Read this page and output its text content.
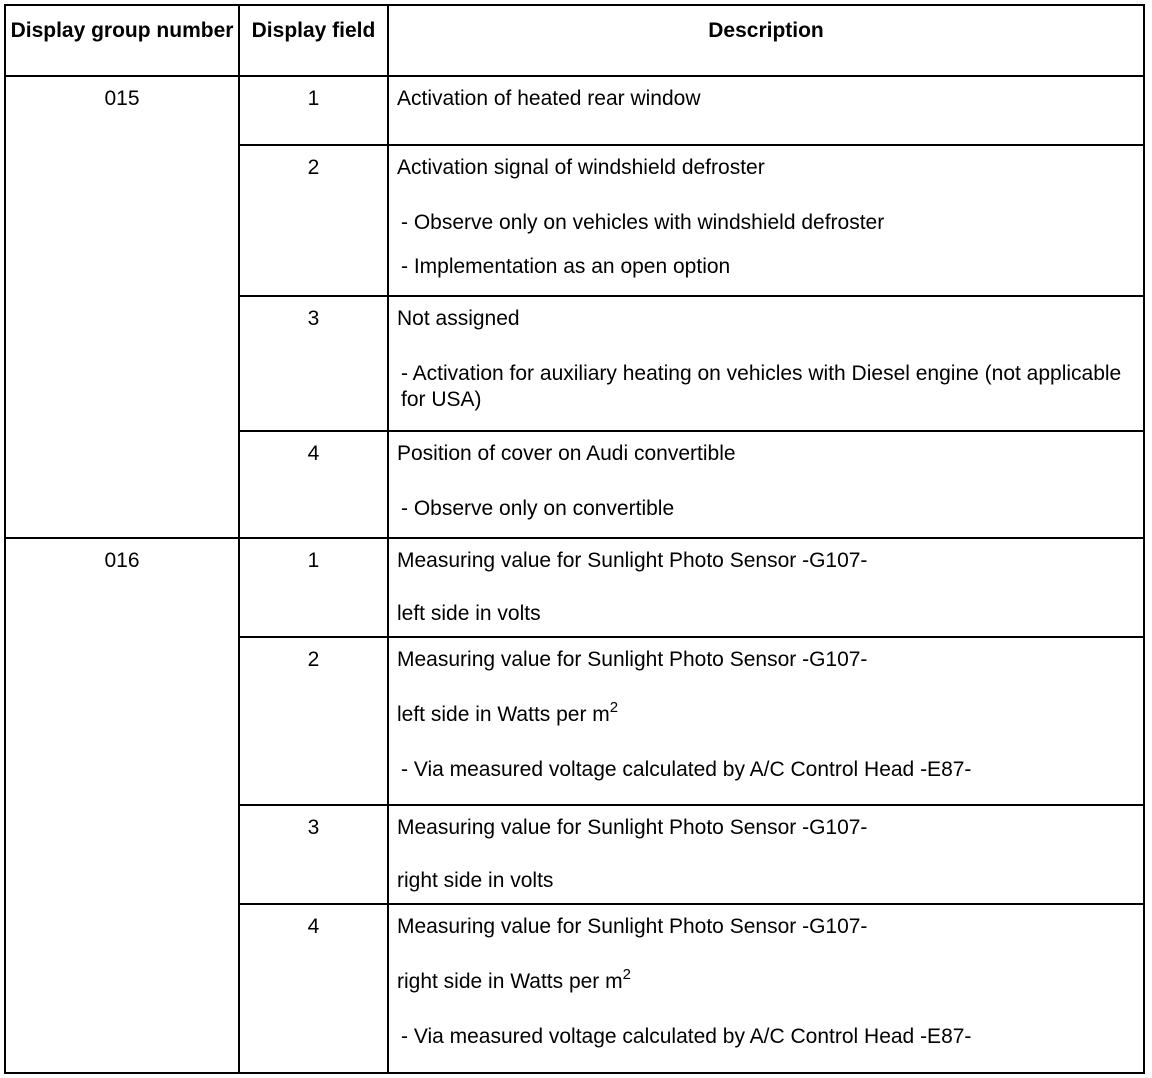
Display group number	Display field	Description

015	1	Activation of heated rear window

	2	Activation signal of windshield defroster
- Observe only on vehicles with windshield defroster
- Implementation as an open option

	3	Not assigned
- Activation for auxiliary heating on vehicles with Diesel engine (not applicable for USA)

	4	Position of cover on Audi convertible
- Observe only on convertible

016	1	Measuring value for Sunlight Photo Sensor -G107-
left side in volts

	2	Measuring value for Sunlight Photo Sensor -G107-
left side in Watts per $m^2$
- Via measured voltage calculated by A/C Control Head -E87-

	3	Measuring value for Sunlight Photo Sensor -G107-
right side in volts

	4	Measuring value for Sunlight Photo Sensor -G107-
right side in Watts per $m^2$
- Via measured voltage calculated by A/C Control Head -E87-
